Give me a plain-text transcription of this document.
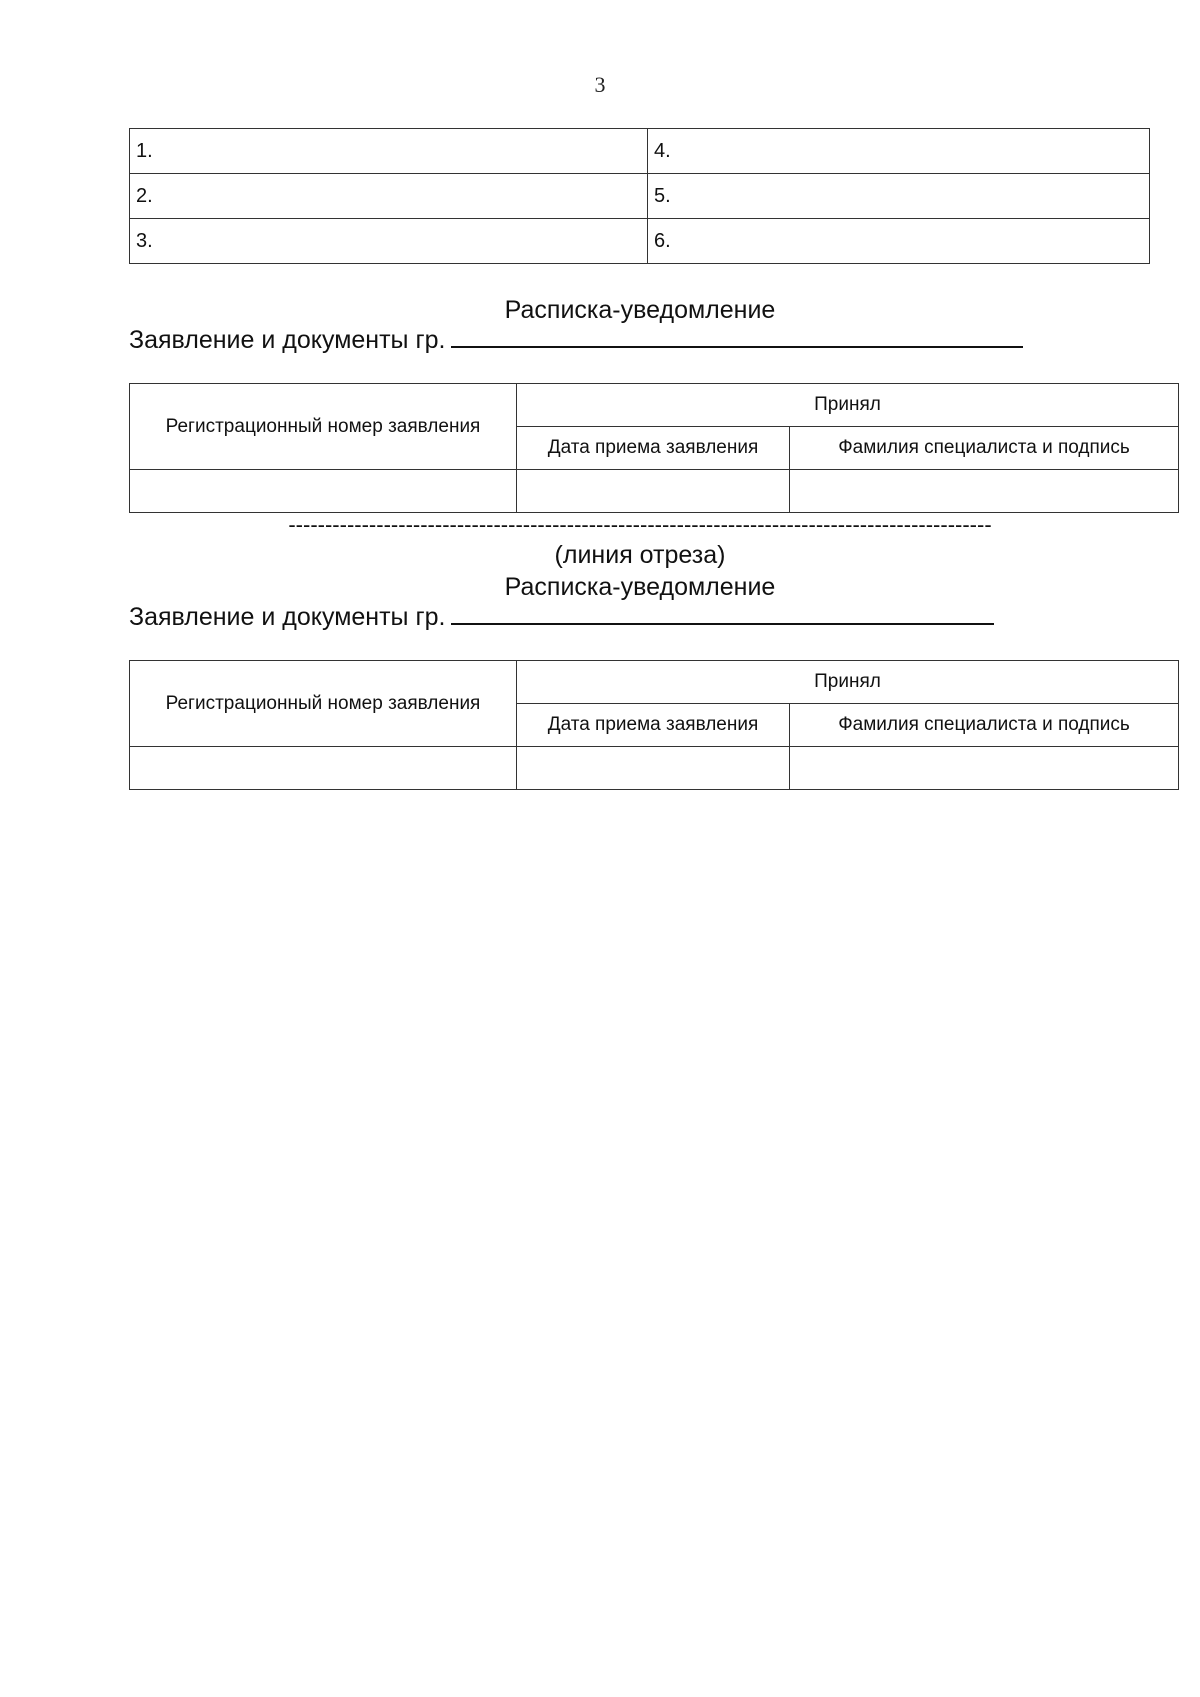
3
1.	4.
2.	5.
3.	6.
Расписка-уведомление
Заявление и документы гр.
Регистрационный номер заявления	Принял	
	Дата приема заявления	Фамилия специалиста и подпись

------------------------------------------------------------------------------------------------
(линия отреза)
Расписка-уведомление
Заявление и документы гр.
Регистрационный номер заявления	Принял	
	Дата приема заявления	Фамилия специалиста и подпись
